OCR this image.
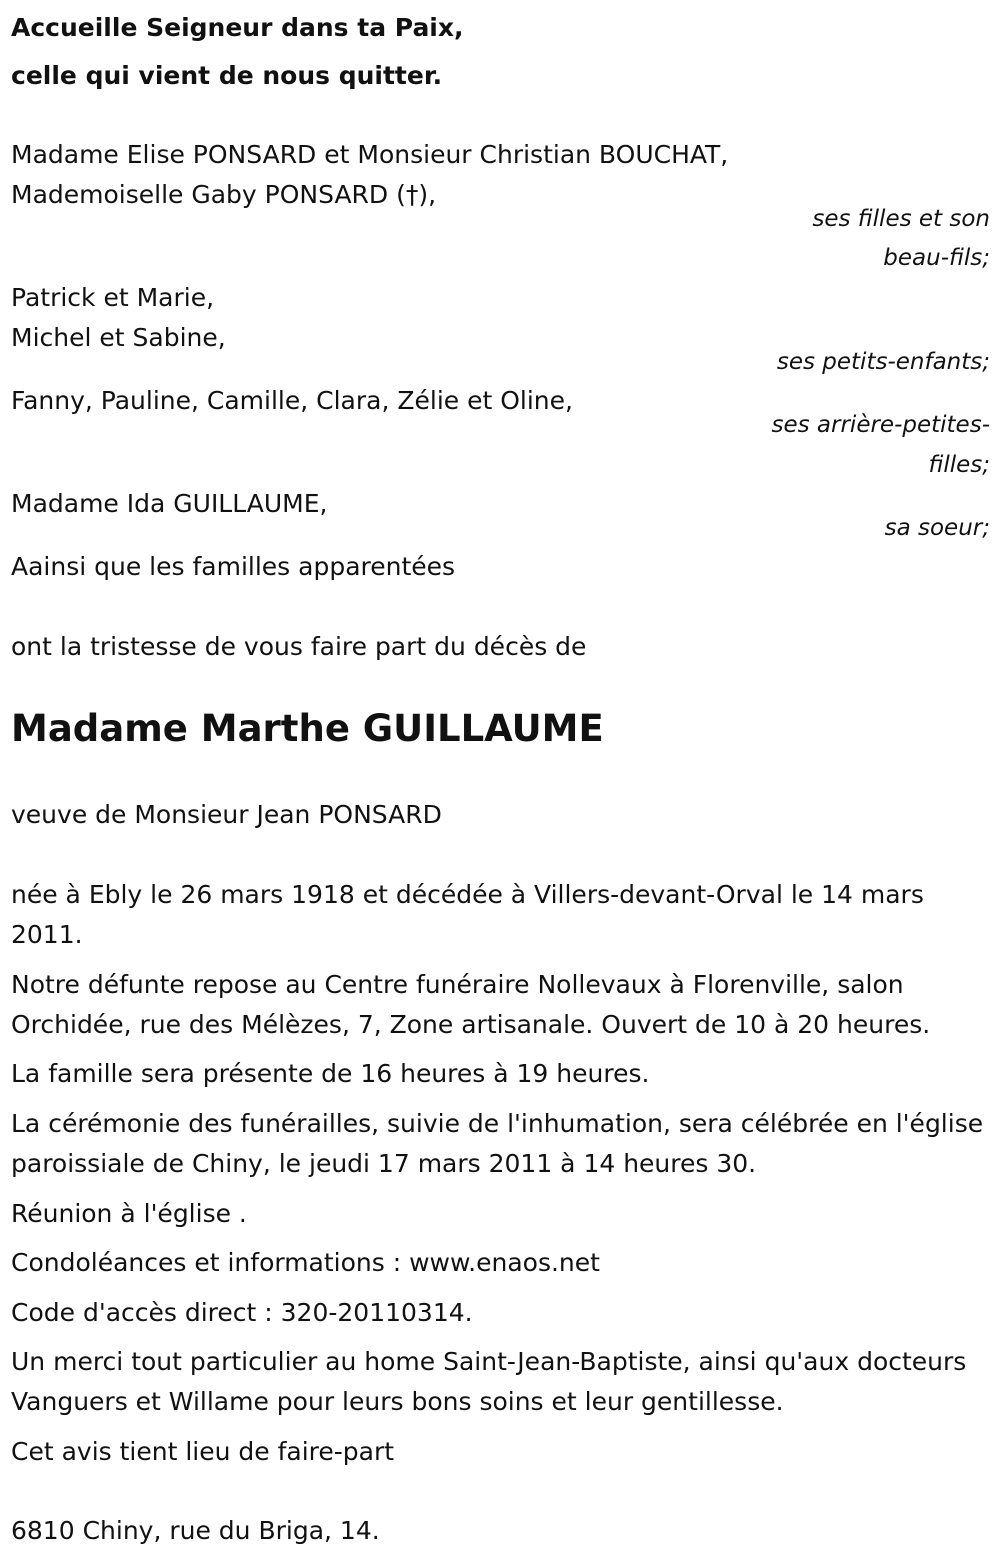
Accueille Seigneur dans ta Paix,
celle qui vient de nous quitter.
Madame Elise PONSARD et Monsieur Christian BOUCHAT,
Mademoiselle Gaby PONSARD (†),
ses filles et son
beau-fils;
Patrick et Marie,
Michel et Sabine,
ses petits-enfants;
Fanny, Pauline, Camille, Clara, Zélie et Oline,
ses arrière-petites-
filles;
Madame Ida GUILLAUME,
sa soeur;
Aainsi que les familles apparentées
ont la tristesse de vous faire part du décès de
Madame Marthe GUILLAUME
veuve de Monsieur Jean PONSARD
née à Ebly le 26 mars 1918 et décédée à Villers-devant-Orval le 14 mars 2011.
Notre défunte repose au Centre funéraire Nollevaux à Florenville, salon Orchidée, rue des Mélèzes, 7, Zone artisanale. Ouvert de 10 à 20 heures.
La famille sera présente de 16 heures à 19 heures.
La cérémonie des funérailles, suivie de l'inhumation, sera célébrée en l'église paroissiale de Chiny, le jeudi 17 mars 2011 à 14 heures 30.
Réunion à l'église .
Condoléances et informations : www.enaos.net
Code d'accès direct : 320-20110314.
Un merci tout particulier au home Saint-Jean-Baptiste, ainsi qu'aux docteurs Vanguers et Willame pour leurs bons soins et leur gentillesse.
Cet avis tient lieu de faire-part
6810 Chiny, rue du Briga, 14.
